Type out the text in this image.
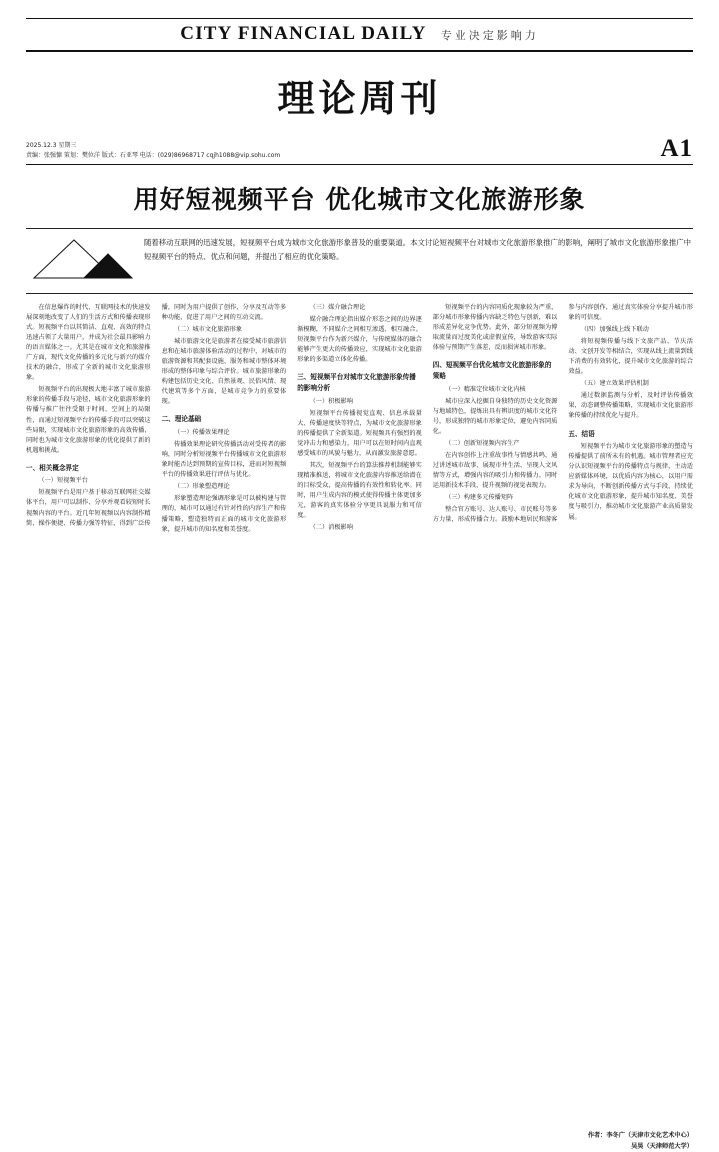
CITY FINANCIAL DAILY 专业决定影响力
理论周刊
2025.12.3 星期三
责编：张强慷 策划：樊位洋 版式：石亚琴 电话：(029)86968717 cqjh1088@vip.sohu.com	A1
用好短视频平台 优化城市文化旅游形象
随着移动互联网的迅速发展，短视频平台成为城市文化旅游形象普及的重要渠道。本文讨论短视频平台对城市文化旅游形象推广的影响，阐明了城市文化旅游形象推广中短视频平台的特点、优点和问题，并提出了相应的优化策略。

在信息爆炸的时代，互联网技术的快速发展深刻地改变了人们的生活方式和传播表现形式。短视频平台以其简洁、直观、高效的特点迅速占领了大量用户，并成为社会最具影响力的语言媒体之一。尤其是在城市文化和旅游推广方面，现代文化传播的多元化与新兴的媒介技术的融合，形成了全新的城市文化旅游形象。

短视频平台的出现极大地丰富了城市旅游形象的传播手段与途径，城市文化旅游形象的传播与推广往往受限于时间、空间上的局限性，而通过短视频平台的传播手段可以突破这些局限，实现城市文化旅游形象的高效传播，同时也为城市文化旅游形象的优化提供了新的机遇和挑战。

一、相关概念界定

（一）短视频平台

短视频平台是用户基于移动互联网社交媒体平台，用户可以制作、分享并观看较短时长视频内容的平台。近几年短视频以内容制作精简、操作便捷、传播力强等特征，得到广泛传播，同时为用户提供了创作、分享及互动等多种功能，促进了用户之间的互动交流。

（二）城市文化旅游形象

城市旅游文化是旅游者在接受城市旅游信息和在城市旅游体验活动的过程中，对城市的旅游资源和其配套设施、服务和城市整体环境形成的整体印象与综合评价。城市旅游形象的构建包括历史文化、自然景观、民俗风情、现代建筑等多个方面，是城市竞争力的重要体现。

二、理论基础

（一）传播效果理论

传播效果理论研究传播活动对受传者的影响，同时分析短视频平台传播城市文化旅游形象时能否达到预期的宣传目标，进而对短视频平台的传播效果进行评估与优化。

（二）形象塑造理论

形象塑造理论强调形象是可以被构建与管理的，城市可以通过有针对性的内容生产和传播策略，塑造独特而正面的城市文化旅游形象，提升城市的知名度和美誉度。

（三）媒介融合理论

媒介融合理论指出媒介形态之间的边界逐渐模糊，不同媒介之间相互渗透、相互融合。短视频平台作为新兴媒介，与传统媒体的融合能够产生更大的传播效应，实现城市文化旅游形象的多渠道立体化传播。

三、短视频平台对城市文化旅游形象传播的影响分析

（一）积极影响

短视频平台传播视觉直观、信息承载量大、传播速度快等特点，为城市文化旅游形象的传播提供了全新渠道。短视频具有强烈的视觉冲击力和感染力，用户可以在短时间内直观感受城市的风貌与魅力，从而激发旅游意愿。

其次，短视频平台的算法推荐机制能够实现精准推送，将城市文化旅游内容推送给潜在的目标受众，提高传播的有效性和转化率。同时，用户生成内容的模式使得传播主体更加多元，游客的真实体验分享更具说服力和可信度。

（二）消极影响

短视频平台的内容同质化现象较为严重，部分城市形象传播内容缺乏特色与创新，难以形成差异化竞争优势。此外，部分短视频为博取流量而过度美化或虚假宣传，导致游客实际体验与预期产生落差，反而损害城市形象。

四、短视频平台优化城市文化旅游形象的策略

（一）精准定位城市文化内核

城市应深入挖掘自身独特的历史文化资源与地域特色，提炼出具有辨识度的城市文化符号，形成独特的城市形象定位，避免内容同质化。

（二）创新短视频内容生产

在内容创作上注重故事性与情感共鸣，通过讲述城市故事、展现市井生活、呈现人文风情等方式，增强内容的吸引力和传播力。同时运用新技术手段，提升视频的视觉表现力。

（三）构建多元传播矩阵

整合官方账号、达人账号、市民账号等多方力量，形成传播合力。鼓励本地居民和游客参与内容创作，通过真实体验分享提升城市形象的可信度。

（四）加强线上线下联动

将短视频传播与线下文旅产品、节庆活动、文创开发等相结合，实现从线上流量到线下消费的有效转化，提升城市文化旅游的综合效益。

（五）建立效果评估机制

通过数据监测与分析，及时评估传播效果，动态调整传播策略，实现城市文化旅游形象传播的持续优化与提升。

五、结语

短视频平台为城市文化旅游形象的塑造与传播提供了前所未有的机遇。城市管理者应充分认识短视频平台的传播特点与规律，主动适应新媒体环境，以优质内容为核心，以用户需求为导向，不断创新传播方式与手段，持续优化城市文化旅游形象，提升城市知名度、美誉度与吸引力，推动城市文化旅游产业高质量发展。

作者：李冬广（天津市文化艺术中心）
吴昊（天津师范大学）
